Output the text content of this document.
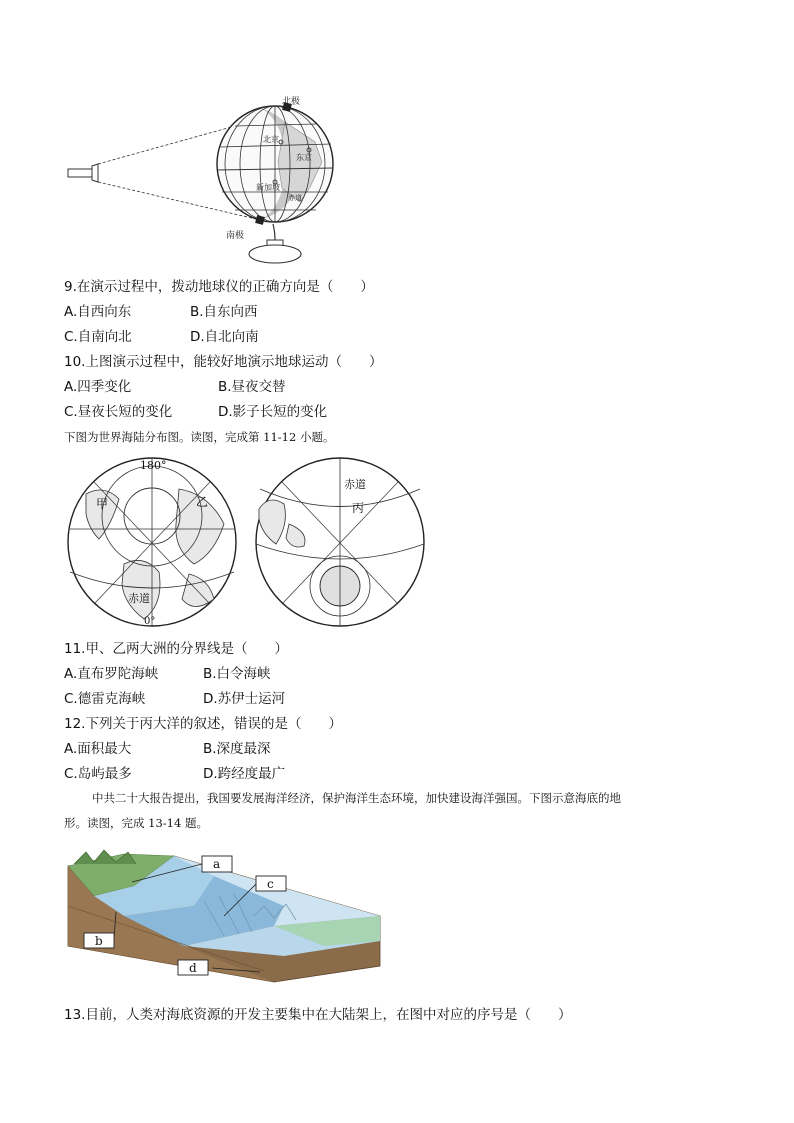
北极
北京
东京
新加坡
赤道
南极
9.在演示过程中，拨动地球仪的正确方向是（　　）
A.自西向东	B.自东向西
C.自南向北	D.自北向南
10.上图演示过程中，能较好地演示地球运动（　　）
A.四季变化	B.昼夜交替
C.昼夜长短的变化	D.影子长短的变化
下图为世界海陆分布图。读图，完成第 11-12 小题。
180°
甲	乙
赤道
0°
赤道
丙
11.甲、乙两大洲的分界线是（　　）
A.直布罗陀海峡	B.白令海峡
C.德雷克海峡	D.苏伊士运河
12.下列关于丙大洋的叙述，错误的是（　　）
A.面积最大	B.深度最深
C.岛屿最多	D.跨经度最广
中共二十大报告提出，我国要发展海洋经济，保护海洋生态环境，加快建设海洋强国。下图示意海底的地
形。读图，完成 13-14 题。
a
c
b
d
13.目前，人类对海底资源的开发主要集中在大陆架上，在图中对应的序号是（　　）
